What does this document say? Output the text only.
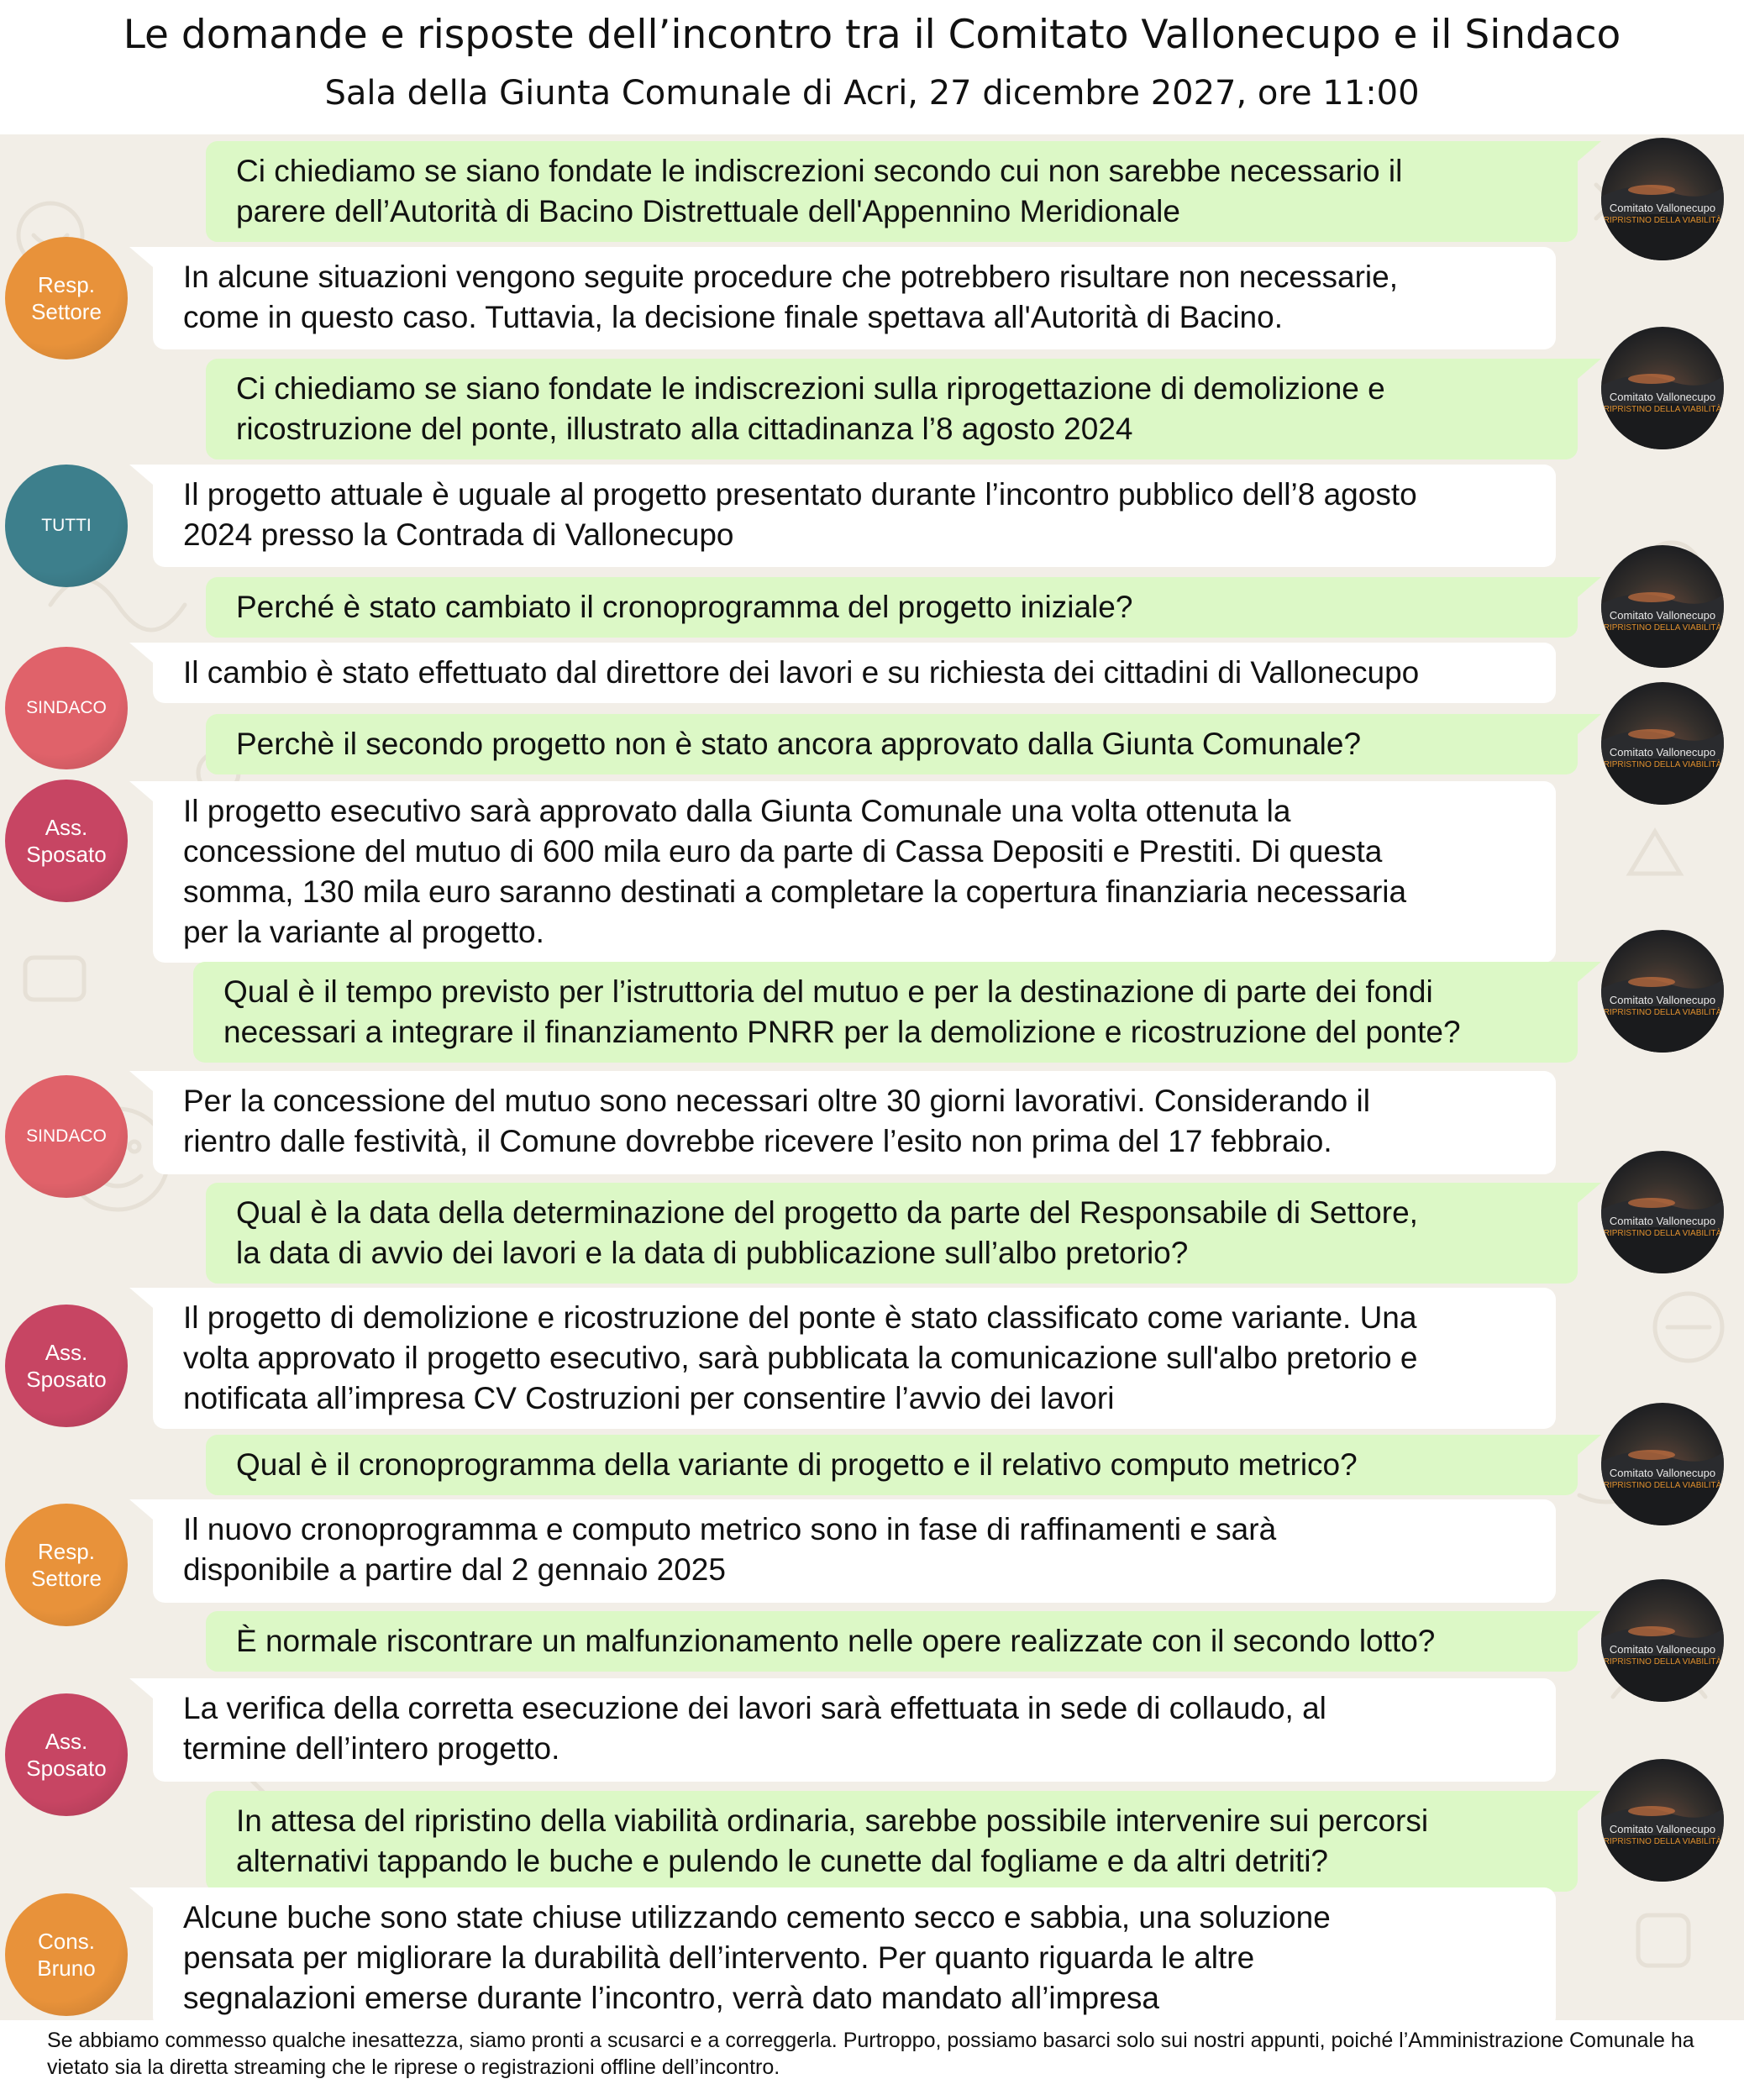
Le domande e risposte dell’incontro tra il Comitato Vallonecupo e il Sindaco
Sala della Giunta Comunale di Acri, 27 dicembre 2027, ore 11:00
Se abbiamo commesso qualche inesattezza, siamo pronti a scusarci e a correggerla. Purtroppo, possiamo basarci solo sui nostri appunti, poiché l’Amministrazione Comunale ha vietato sia la diretta streaming che le riprese o registrazioni offline dell’incontro.
Ci chiediamo se siano fondate le indiscrezioni secondo cui non sarebbe necessario il
parere dell’Autorità di Bacino Distrettuale dell'Appennino Meridionale	Comitato Vallonecupo
RIPRISTINO DELLA VIABILITÀ
In alcune situazioni vengono seguite procedure che potrebbero risultare non necessarie,
come in questo caso. Tuttavia, la decisione finale spettava all'Autorità di Bacino.
Resp.
Settore
Ci chiediamo se siano fondate le indiscrezioni sulla riprogettazione di demolizione e
ricostruzione del ponte, illustrato alla cittadinanza l’8 agosto 2024
Comitato Vallonecupo
RIPRISTINO DELLA VIABILITÀ
Il progetto attuale è uguale al progetto presentato durante l’incontro pubblico dell’8 agosto
2024 presso la Contrada di Vallonecupo
TUTTI
Perché è stato cambiato il cronoprogramma del progetto iniziale?	Comitato Vallonecupo
RIPRISTINO DELLA VIABILITÀ
Il cambio è stato effettuato dal direttore dei lavori e su richiesta dei cittadini di Vallonecupo
SINDACO
Perchè il secondo progetto non è stato ancora approvato dalla Giunta Comunale?	Comitato Vallonecupo
RIPRISTINO DELLA VIABILITÀ
Il progetto esecutivo sarà approvato dalla Giunta Comunale una volta ottenuta la
concessione del mutuo di 600 mila euro da parte di Cassa Depositi e Prestiti. Di questa
somma, 130 mila euro saranno destinati a completare la copertura finanziaria necessaria
per la variante al progetto.
Ass.
Sposato
Qual è il tempo previsto per l’istruttoria del mutuo e per la destinazione di parte dei fondi
necessari a integrare il finanziamento PNRR per la demolizione e ricostruzione del ponte?
Comitato Vallonecupo
RIPRISTINO DELLA VIABILITÀ
Per la concessione del mutuo sono necessari oltre 30 giorni lavorativi. Considerando il
rientro dalle festività, il Comune dovrebbe ricevere l’esito non prima del 17 febbraio.
SINDACO
Qual è la data della determinazione del progetto da parte del Responsabile di Settore,
la data di avvio dei lavori e la data di pubblicazione sull’albo pretorio?
Comitato Vallonecupo
RIPRISTINO DELLA VIABILITÀ
Il progetto di demolizione e ricostruzione del ponte è stato classificato come variante. Una
volta approvato il progetto esecutivo, sarà pubblicata la comunicazione sull'albo pretorio e
notificata all’impresa CV Costruzioni per consentire l’avvio dei lavori
Ass.
Sposato
Qual è il cronoprogramma della variante di progetto e il relativo computo metrico?	Comitato Vallonecupo
RIPRISTINO DELLA VIABILITÀ
Il nuovo cronoprogramma e computo metrico sono in fase di raffinamenti e sarà
disponibile a partire dal 2 gennaio 2025
Resp.
Settore
È normale riscontrare un malfunzionamento nelle opere realizzate con il secondo lotto?	Comitato Vallonecupo
RIPRISTINO DELLA VIABILITÀ
La verifica della corretta esecuzione dei lavori sarà effettuata in sede di collaudo, al
termine dell’intero progetto.
Ass.
Sposato
In attesa del ripristino della viabilità ordinaria, sarebbe possibile intervenire sui percorsi
alternativi tappando le buche e pulendo le cunette dal fogliame e da altri detriti?
Comitato Vallonecupo
RIPRISTINO DELLA VIABILITÀ
Alcune buche sono state chiuse utilizzando cemento secco e sabbia, una soluzione
pensata per migliorare la durabilità dell’intervento. Per quanto riguarda le altre
segnalazioni emerse durante l’incontro, verrà dato mandato all’impresa
Cons.
Bruno
